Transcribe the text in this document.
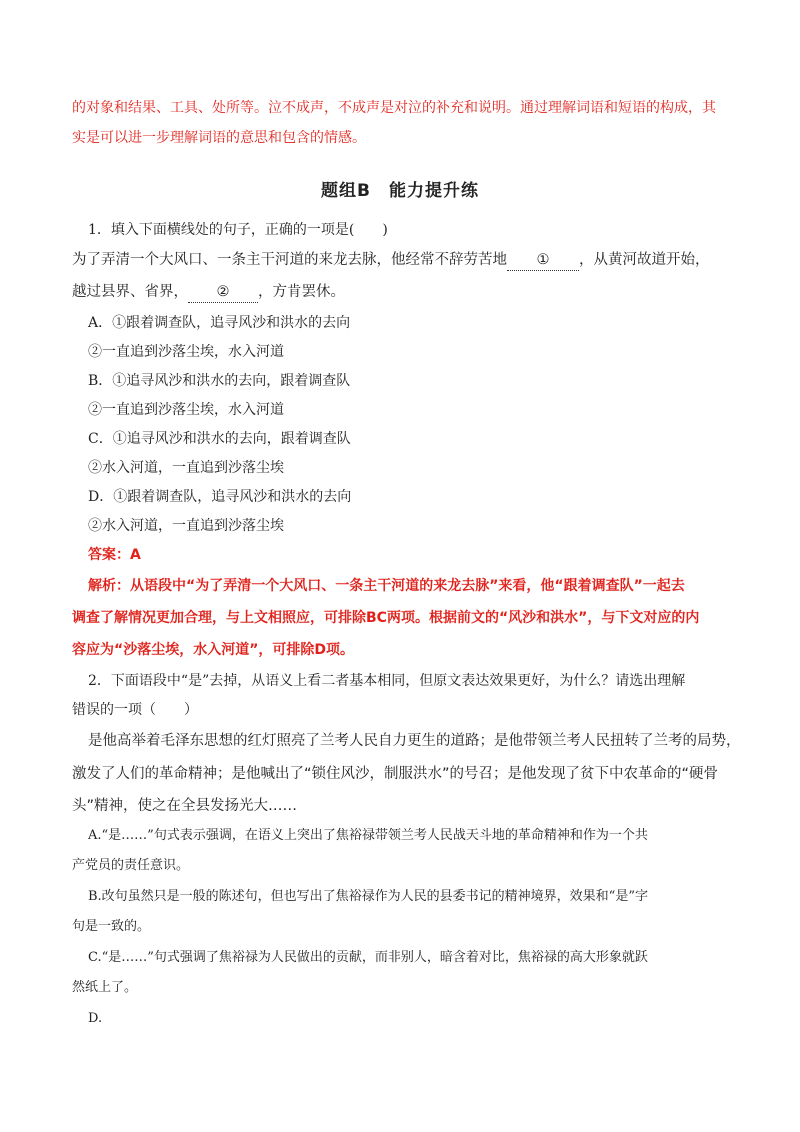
的对象和结果、工具、处所等。泣不成声，不成声是对泣的补充和说明。通过理解词语和短语的构成，其
实是可以进一步理解词语的意思和包含的情感。
题组B　能力提升练
1．填入下面横线处的句子，正确的一项是(　　)
为了弄清一个大风口、一条主干河道的来龙去脉，他经常不辞劳苦地 ① ，从黄河故道开始，
越过县界、省界， ② ，方肯罢休。
A．①跟着调查队，追寻风沙和洪水的去向
②一直追到沙落尘埃，水入河道
B．①追寻风沙和洪水的去向，跟着调查队
②一直追到沙落尘埃，水入河道
C．①追寻风沙和洪水的去向，跟着调查队
②水入河道，一直追到沙落尘埃
D．①跟着调查队，追寻风沙和洪水的去向
②水入河道，一直追到沙落尘埃
答案：A
解析：从语段中“为了弄清一个大风口、一条主干河道的来龙去脉”来看，他“跟着调查队”一起去
调查了解情况更加合理，与上文相照应，可排除BC两项。根据前文的“风沙和洪水”，与下文对应的内
容应为“沙落尘埃，水入河道”，可排除D项。
2．下面语段中“是”去掉，从语义上看二者基本相同，但原文表达效果更好，为什么？请选出理解
错误的一项（　　）
是他高举着毛泽东思想的红灯照亮了兰考人民自力更生的道路；是他带领兰考人民扭转了兰考的局势，
激发了人们的革命精神；是他喊出了“锁住风沙，制服洪水”的号召；是他发现了贫下中农革命的“硬骨
头”精神，使之在全县发扬光大……
A.“是……”句式表示强调，在语义上突出了焦裕禄带领兰考人民战天斗地的革命精神和作为一个共
产党员的责任意识。
B.改句虽然只是一般的陈述句，但也写出了焦裕禄作为人民的县委书记的精神境界，效果和“是”字
句是一致的。
C.“是……”句式强调了焦裕禄为人民做出的贡献，而非别人，暗含着对比，焦裕禄的高大形象就跃
然纸上了。
D.
